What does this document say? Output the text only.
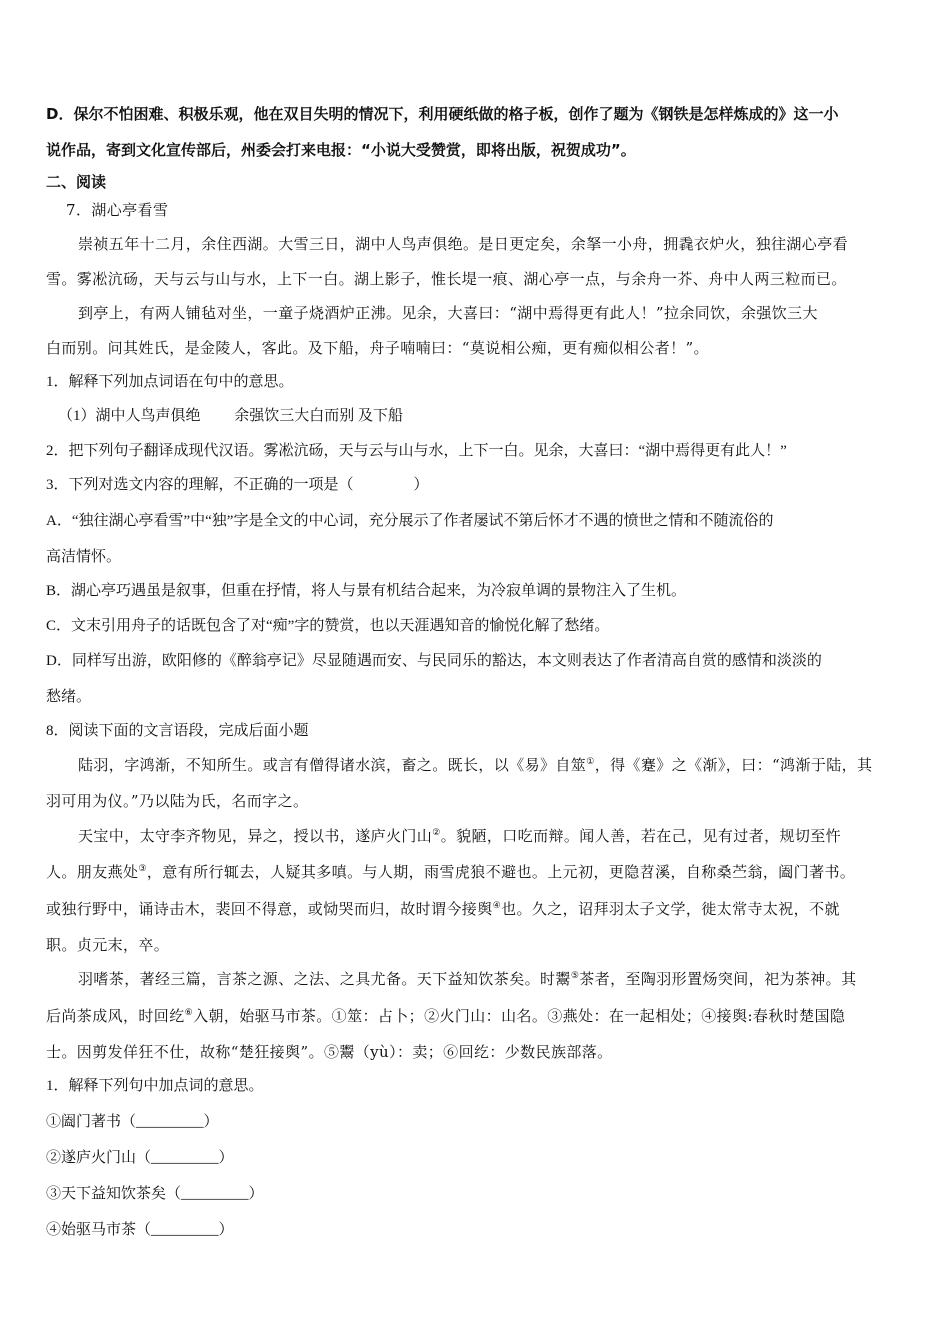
D．保尔不怕困难、积极乐观，他在双目失明的情况下，利用硬纸做的格子板，创作了题为《钢铁是怎样炼成的》这一小
说作品，寄到文化宣传部后，州委会打来电报：“小说大受赞赏，即将出版，祝贺成功”。
二、阅读
7．湖心亭看雪
崇祯五年十二月，余住西湖。大雪三日，湖中人鸟声俱绝。是日更定矣，余拏一小舟，拥毳衣炉火，独往湖心亭看
雪。雾凇沆砀，天与云与山与水，上下一白。湖上影子，惟长堤一痕、湖心亭一点，与余舟一芥、舟中人两三粒而已。
到亭上，有两人铺毡对坐，一童子烧酒炉正沸。见余，大喜曰：“湖中焉得更有此人！”拉余同饮，余强饮三大
白而别。问其姓氏，是金陵人，客此。及下船，舟子喃喃曰：“莫说相公痴，更有痴似相公者！”。
1．解释下列加点词语在句中的意思。
（1）湖中人鸟声俱绝　　 余强饮三大白而别 及下船
2．把下列句子翻译成现代汉语。雾凇沆砀，天与云与山与水，上下一白。见余，大喜曰：“湖中焉得更有此人！”
3．下列对选文内容的理解，不正确的一项是（　　　　）
A．“独往湖心亭看雪”中“独”字是全文的中心词，充分展示了作者屡试不第后怀才不遇的愤世之情和不随流俗的
高洁情怀。
B．湖心亭巧遇虽是叙事，但重在抒情，将人与景有机结合起来，为冷寂单调的景物注入了生机。
C．文末引用舟子的话既包含了对“痴”字的赞赏，也以天涯遇知音的愉悦化解了愁绪。
D．同样写出游，欧阳修的《醉翁亭记》尽显随遇而安、与民同乐的豁达，本文则表达了作者清高自赏的感情和淡淡的
愁绪。
8．阅读下面的文言语段，完成后面小题
陆羽，字鸿渐，不知所生。或言有僧得诸水滨，畜之。既长，以《易》自筮①，得《蹇》之《渐》，曰：“鸿渐于陆，其
羽可用为仪。”乃以陆为氏，名而字之。
天宝中，太守李齐物见，异之，授以书，遂庐火门山②。貌陋，口吃而辩。闻人善，若在己，见有过者，规切至忤
人。朋友燕处③，意有所行辄去，人疑其多嗔。与人期，雨雪虎狼不避也。上元初，更隐苕溪，自称桑苎翁，阖门著书。
或独行野中，诵诗击木，裴回不得意，或恸哭而归，故时谓今接舆④也。久之，诏拜羽太子文学，徙太常寺太祝，不就
职。贞元末，卒。
羽嗜茶，著经三篇，言茶之源、之法、之具尤备。天下益知饮茶矣。时鬻⑤茶者，至陶羽形置炀突间，祀为茶神。其
后尚茶成风，时回纥⑥入朝，始驱马市茶。①筮：占卜；②火门山：山名。③燕处：在一起相处；④接舆:春秋时楚国隐
士。因剪发佯狂不仕，故称“楚狂接舆”。⑤鬻（yù）：卖；⑥回纥：少数民族部落。
1．解释下列句中加点词的意思。
①阖门著书（_________）
②遂庐火门山（_________）
③天下益知饮茶矣（_________）
④始驱马市茶（_________）
